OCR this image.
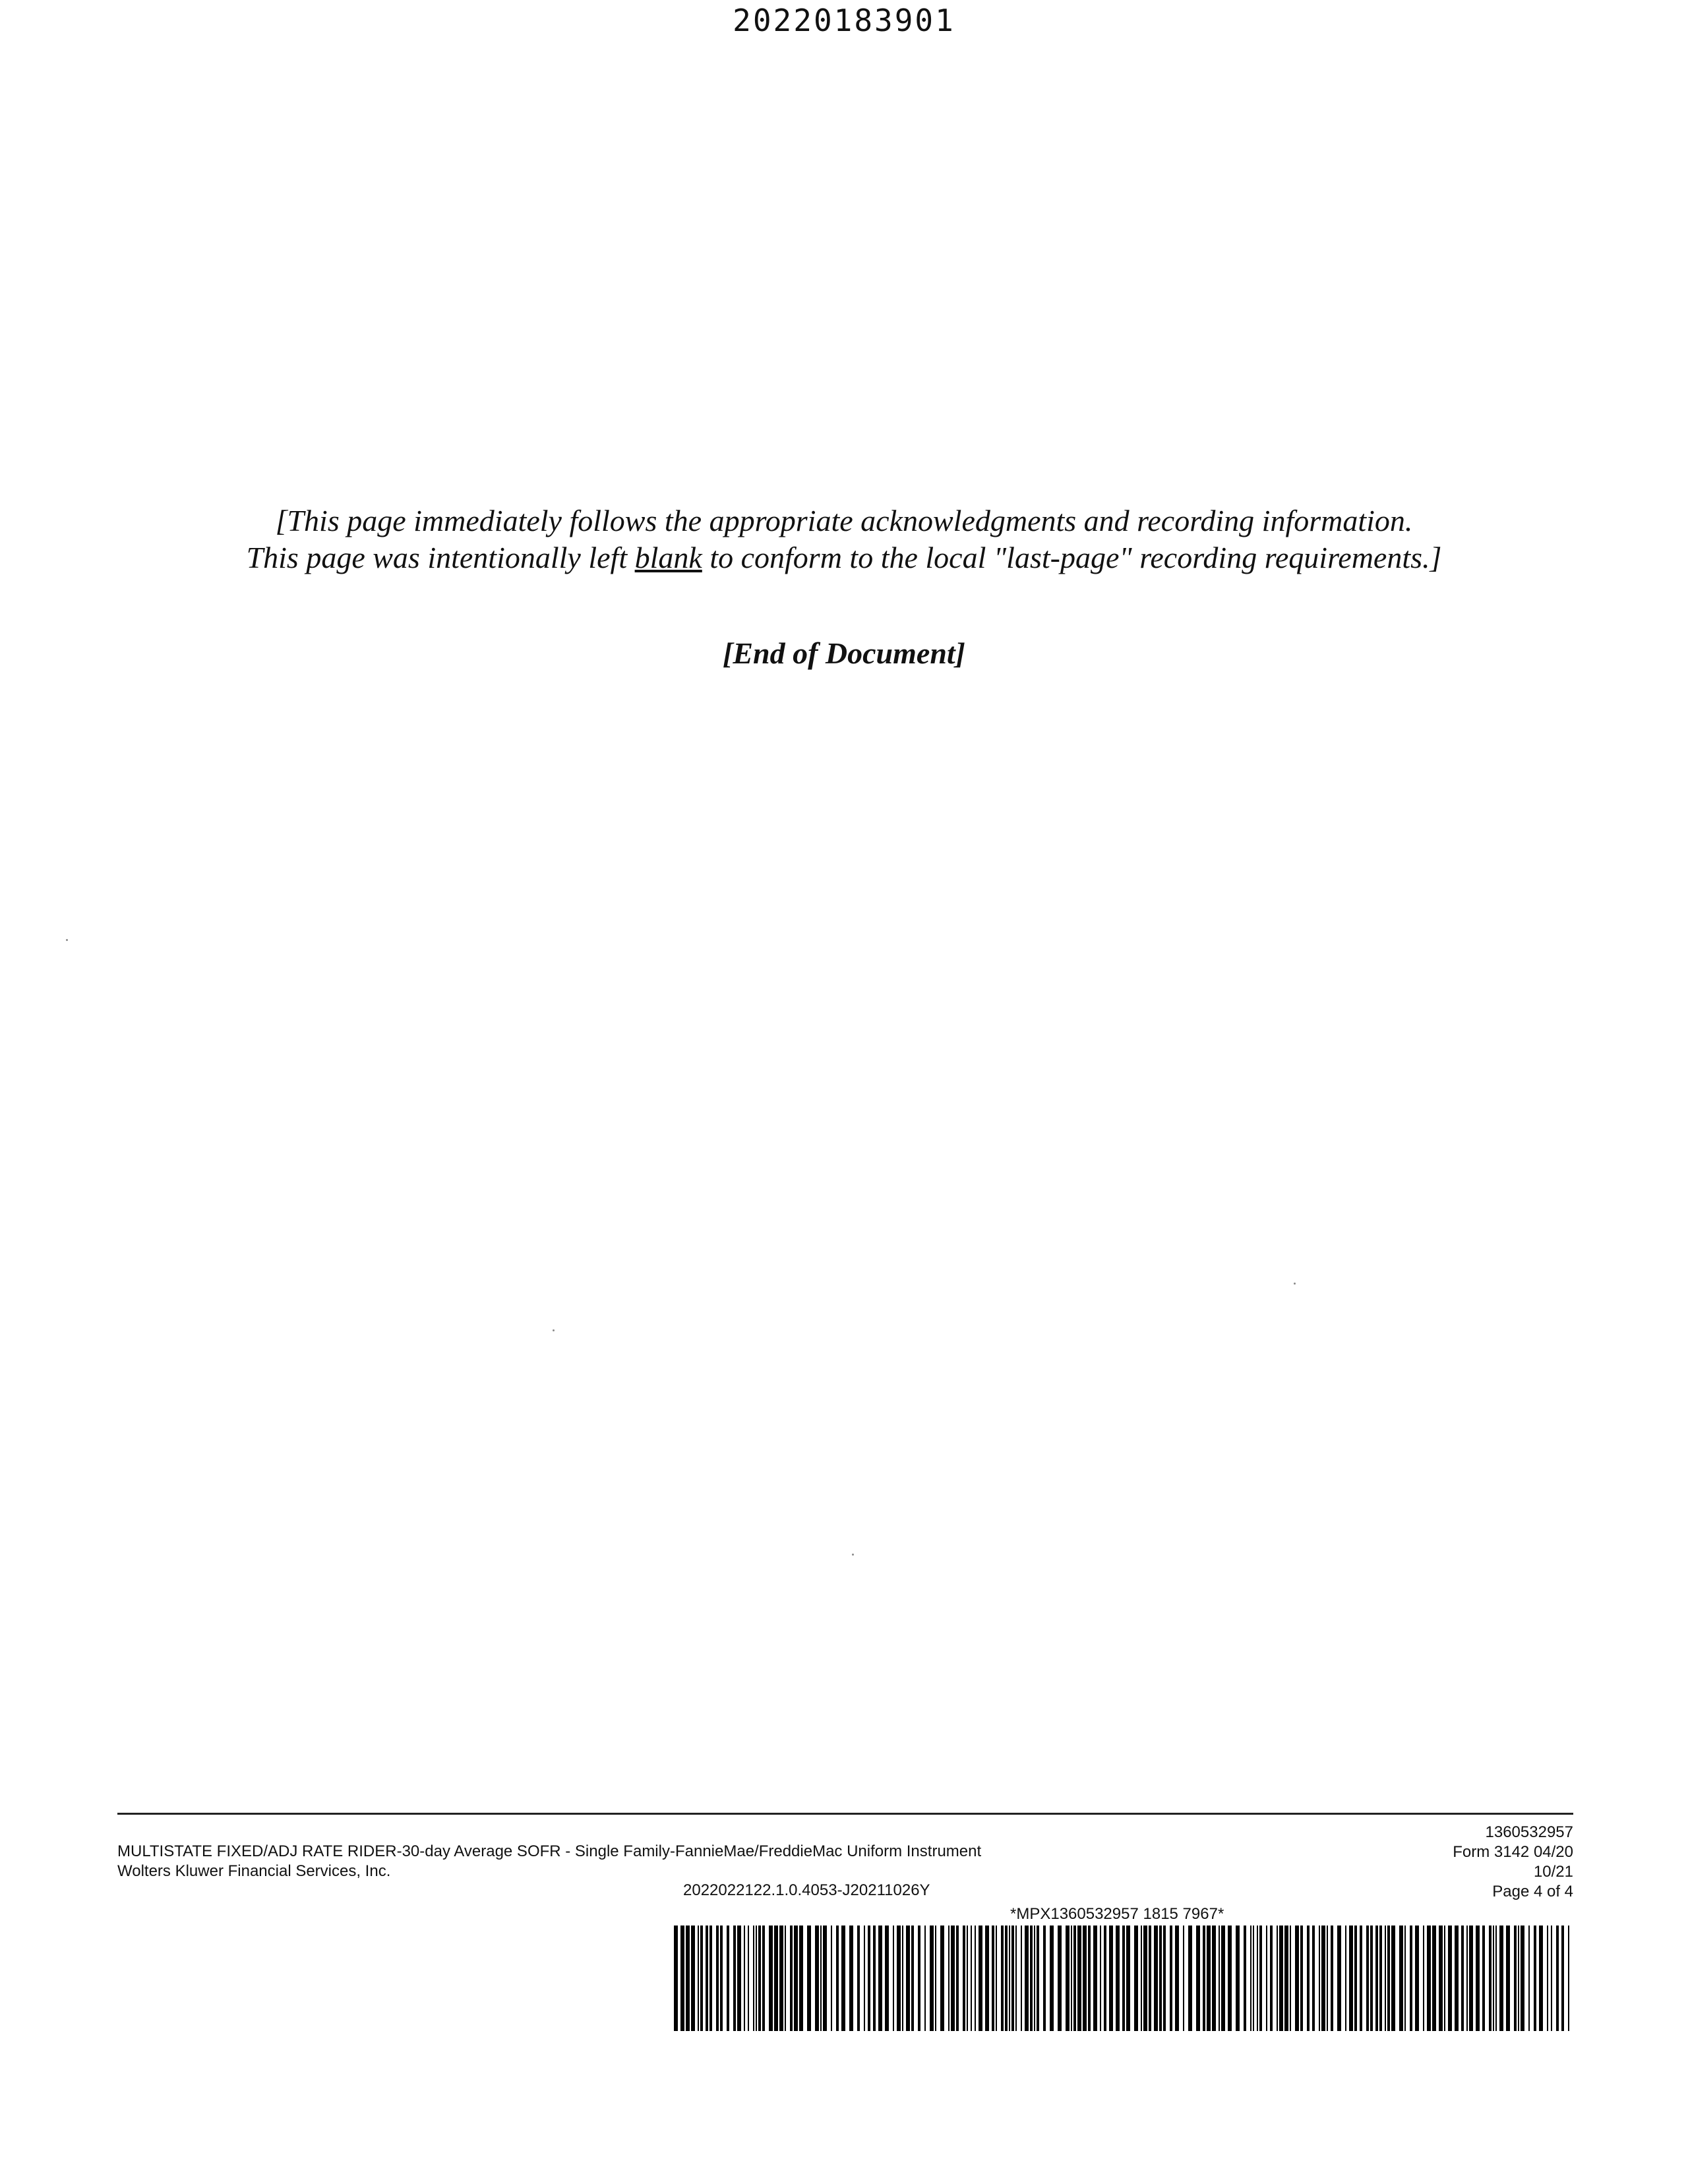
20220183901
[This page immediately follows the appropriate acknowledgments and recording information.
This page was intentionally left blank to conform to the local "last-page" recording requirements.]
[End of Document]
MULTISTATE FIXED/ADJ RATE RIDER-30-day Average SOFR - Single Family-FannieMae/FreddieMac Uniform Instrument
Wolters Kluwer Financial Services, Inc.
1360532957
Form 3142 04/20
10/21
Page 4 of 4
2022022122.1.0.4053-J20211026Y
*MPX1360532957 1815 7967*
